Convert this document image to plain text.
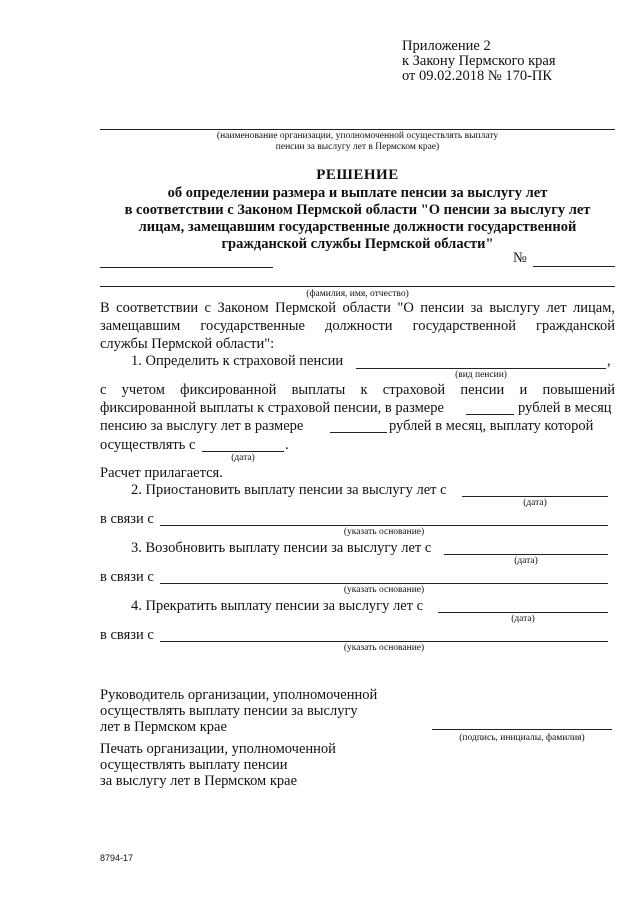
Приложение 2
к Закону Пермского края
от 09.02.2018 № 170-ПК
(наименование организации, уполномоченной осуществлять выплату
пенсии за выслугу лет в Пермском крае)
РЕШЕНИЕ
об определении размера и выплате пенсии за выслугу лет
в соответствии с Законом Пермской области "О пенсии за выслугу лет
лицам, замещавшим государственные должности государственной
гражданской службы Пермской области"
№
(фамилия, имя, отчество)
В соответствии с Законом Пермской области "О пенсии за выслугу лет лицам,
замещавшим государственные должности государственной гражданской
службы Пермской области":
1. Определить к страховой пенсии	,
(вид пенсии)
с учетом фиксированной выплаты к страховой пенсии и повышений
фиксированной выплаты к страховой пенсии, в размере	рублей в месяц
пенсию за выслугу лет в размере	рублей в месяц, выплату которой
осуществлять с	.
(дата)
Расчет прилагается.
2. Приостановить выплату пенсии за выслугу лет с
(дата)
в связи с
(указать основание)
3. Возобновить выплату пенсии за выслугу лет с
(дата)
в связи с
(указать основание)
4. Прекратить выплату пенсии за выслугу лет с
(дата)
в связи с
(указать основание)
Руководитель организации, уполномоченной
осуществлять выплату пенсии за выслугу
лет в Пермском крае
(подпись, инициалы, фамилия)
Печать организации, уполномоченной
осуществлять выплату пенсии
за выслугу лет в Пермском крае
8794-17
